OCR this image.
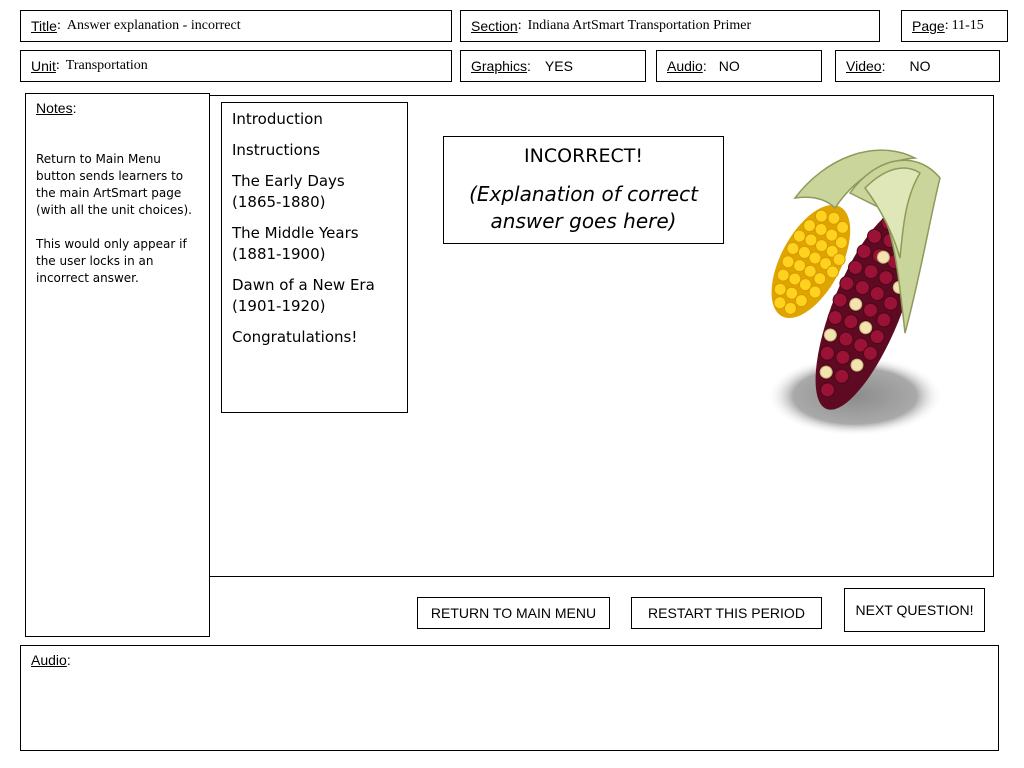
Title : Answer explanation - incorrect	Section : Indiana ArtSmart Transportation Primer	Page : 11-15
Unit : Transportation	Graphics : YES	Audio : NO	Video : NO
Notes:

Return to Main Menu button sends learners to the main ArtSmart page (with all the unit choices).

This would only appear if the user locks in an incorrect answer.

Introduction
Instructions
The Early Days (1865-1880)
The Middle Years (1881-1900)
Dawn of a New Era (1901-1920)
Congratulations!
INCORRECT!
(Explanation of correct answer goes here)
RETURN TO MAIN MENU	RESTART THIS PERIOD	NEXT QUESTION!
Audio:
